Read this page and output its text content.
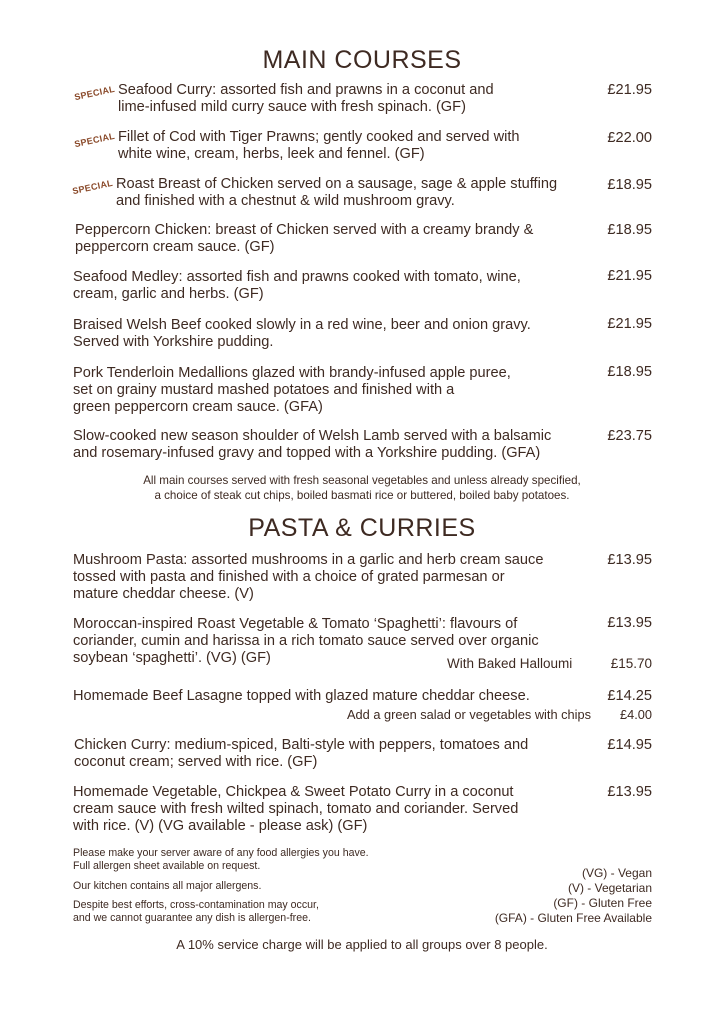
MAIN COURSES
SPECIAL Seafood Curry: assorted fish and prawns in a coconut and
lime-infused mild curry sauce with fresh spinach. (GF)
£21.95
SPECIAL Fillet of Cod with Tiger Prawns; gently cooked and served with
white wine, cream, herbs, leek and fennel. (GF)
£22.00
SPECIAL Roast Breast of Chicken served on a sausage, sage & apple stuffing
and finished with a chestnut & wild mushroom gravy.
£18.95
Peppercorn Chicken: breast of Chicken served with a creamy brandy &
peppercorn cream sauce. (GF)
£18.95
Seafood Medley: assorted fish and prawns cooked with tomato, wine,
cream, garlic and herbs. (GF)
£21.95
Braised Welsh Beef cooked slowly in a red wine, beer and onion gravy.
Served with Yorkshire pudding.
£21.95
Pork Tenderloin Medallions glazed with brandy-infused apple puree,
set on grainy mustard mashed potatoes and finished with a
green peppercorn cream sauce. (GFA)
£18.95
Slow-cooked new season shoulder of Welsh Lamb served with a balsamic
and rosemary-infused gravy and topped with a Yorkshire pudding. (GFA)
£23.75
All main courses served with fresh seasonal vegetables and unless already specified,
a choice of steak cut chips, boiled basmati rice or buttered, boiled baby potatoes.
PASTA & CURRIES
Mushroom Pasta: assorted mushrooms in a garlic and herb cream sauce
tossed with pasta and finished with a choice of grated parmesan or
mature cheddar cheese. (V)
£13.95
Moroccan-inspired Roast Vegetable & Tomato ‘Spaghetti’: flavours of
coriander, cumin and harissa in a rich tomato sauce served over organic
soybean ‘spaghetti’. (VG) (GF)
£13.95
With Baked Halloumi	£15.70
Homemade Beef Lasagne topped with glazed mature cheddar cheese.	£14.25
Add a green salad or vegetables with chips £4.00
Chicken Curry: medium-spiced, Balti-style with peppers, tomatoes and
coconut cream; served with rice. (GF)
£14.95
Homemade Vegetable, Chickpea & Sweet Potato Curry in a coconut
cream sauce with fresh wilted spinach, tomato and coriander. Served
with rice. (V) (VG available - please ask) (GF)
£13.95
Please make your server aware of any food allergies you have.
Full allergen sheet available on request.
Our kitchen contains all major allergens.
Despite best efforts, cross-contamination may occur,
and we cannot guarantee any dish is allergen-free.
(VG) - Vegan
(V) - Vegetarian
(GF) - Gluten Free
(GFA) - Gluten Free Available
A 10% service charge will be applied to all groups over 8 people.
